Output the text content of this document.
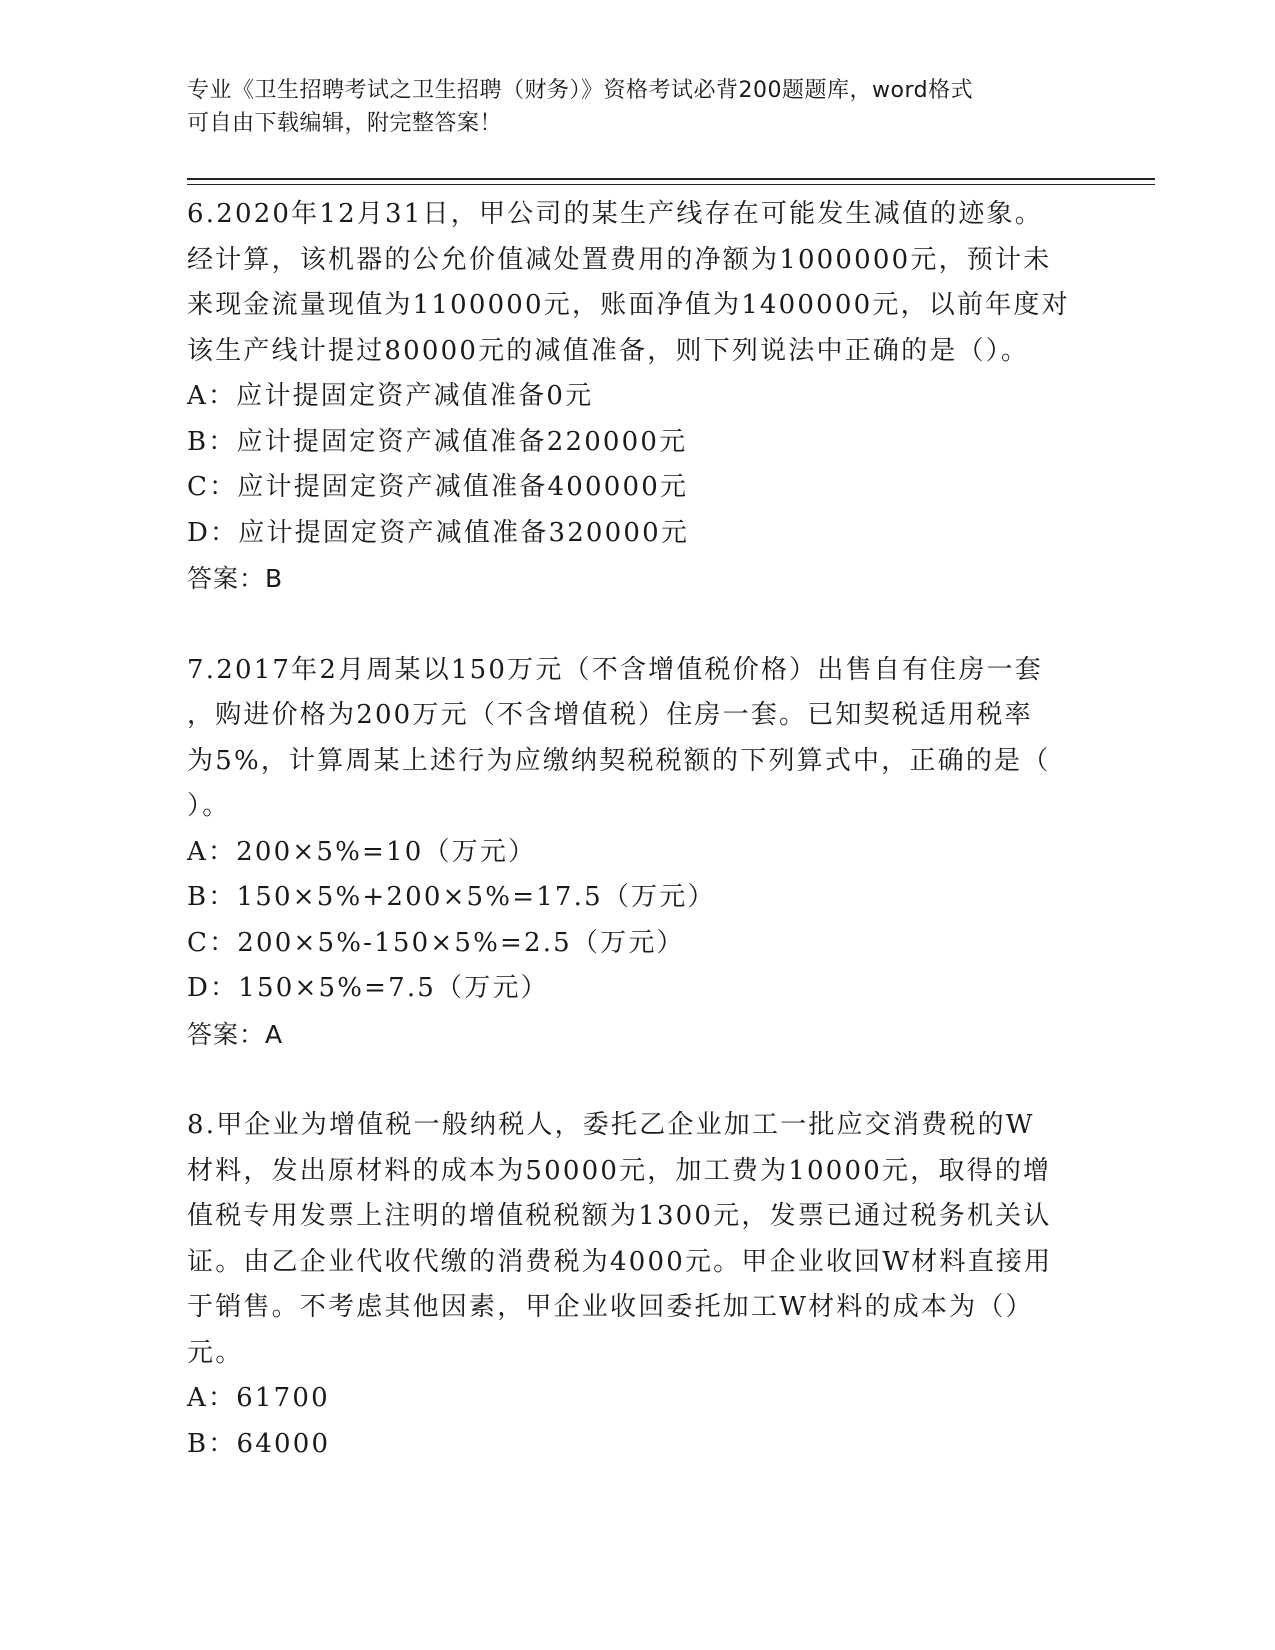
专业《卫生招聘考试之卫生招聘（财务）》资格考试必背200题题库，word格式
可自由下载编辑，附完整答案！
6.2020年12月31日，甲公司的某生产线存在可能发生减值的迹象。
经计算，该机器的公允价值减处置费用的净额为1000000元，预计未
来现金流量现值为1100000元，账面净值为1400000元，以前年度对
该生产线计提过80000元的减值准备，则下列说法中正确的是（）。
A：应计提固定资产减值准备0元
B：应计提固定资产减值准备220000元
C：应计提固定资产减值准备400000元
D：应计提固定资产减值准备320000元
答案：B
7.2017年2月周某以150万元（不含增值税价格）出售自有住房一套
，购进价格为200万元（不含增值税）住房一套。已知契税适用税率
为5%，计算周某上述行为应缴纳契税税额的下列算式中，正确的是（
）。
A：200×5%=10（万元）
B：150×5%+200×5%=17.5（万元）
C：200×5%-150×5%=2.5（万元）
D：150×5%=7.5（万元）
答案：A
8.甲企业为增值税一般纳税人，委托乙企业加工一批应交消费税的W
材料，发出原材料的成本为50000元，加工费为10000元，取得的增
值税专用发票上注明的增值税税额为1300元，发票已通过税务机关认
证。由乙企业代收代缴的消费税为4000元。甲企业收回W材料直接用
于销售。不考虑其他因素，甲企业收回委托加工W材料的成本为（）
元。
A：61700
B：64000
